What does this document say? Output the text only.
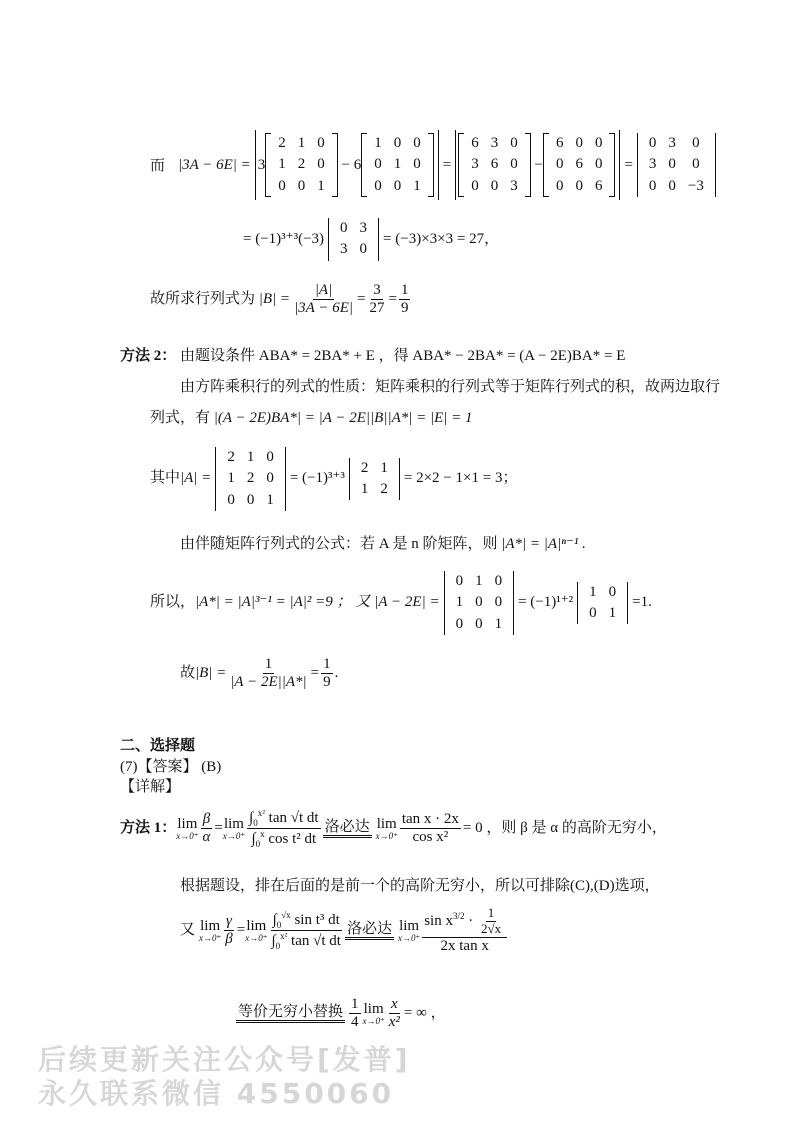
而 |3A − 6E| = 3
2	1	0
1	2	0
0	0	1
− 6
1	0	0
0	1	0
0	0	1
=
6	3	0
3	6	0
0	0	3
−
6	0	0
0	6	0
0	0	6
=
0	3	0
3	0	0
0	0	−3
= (−1)³⁺³(−3)
0	3
3	0
= (−3)×3×3 = 27，
故所求行列式为 $|B| = \frac{|A|}{|3A - 6E|} = \frac{3}{27} = \frac{1}{9}$
方法 2： 由题设条件 ABA* = 2BA* + E ，得 ABA* − 2BA* = (A − 2E)BA* = E
由方阵乘积行的列式的性质：矩阵乘积的行列式等于矩阵行列式的积，故两边取行
列式，有 |(A − 2E)BA*| = |A − 2E||B||A*| = |E| = 1
其中 |A| =
2	1	0
1	2	0
0	0	1
= (−1)³⁺³
2	1
1	2
= 2×2 − 1×1 = 3；
由伴随矩阵行列式的公式：若 A 是 n 阶矩阵，则 |A*| = |A|ⁿ⁻¹ .
所以， |A*| = |A|³⁻¹ = |A|² =9 ； 又 |A − 2E| =
0	1	0
1	0	0
0	0	1
= (−1)¹⁺²
1	0
0	1
=1.
故 $|B| = \frac{1}{|A - 2E||A*|} = \frac{1}{9}$ .
二、选择题
(7)【答案】 (B)
【详解】
方法 1： lim
$x\to 0^+ \frac{\beta}{\alpha} = \lim$
$x\to 0^+ \frac{\int_0^{x^2} \tan √t dt}{\int_0^x \cos t^2 dt}$ 洛必达 lim
$x\to 0^+ \frac{\text{tan x · 2x}}{\text{cos x²}} = 0$ ，则 β 是 α 的高阶无穷小，
根据题设，排在后面的是前一个的高阶无穷小，所以可排除(C),(D)选项，
又 lim
$x\to 0^+ \frac{\gamma}{\beta} = \lim$
$x\to 0^+ \frac{\int_0^{√x} \sin t^3 dt}{\int_0^{x^2} \tan √t dt}$ 洛必达 lim
$x\to 0^+ \frac{\sin x^{3/2} \cdot \frac{1}{2√x}}{\text{2x tan x}}$
等价无穷小替换 $\frac{1}{4}$ lim
$x\to 0^+ \frac{x}{\text{x²}}$ = ∞ ，
后续更新关注公众号[发普]
永久联系微信 4550060
